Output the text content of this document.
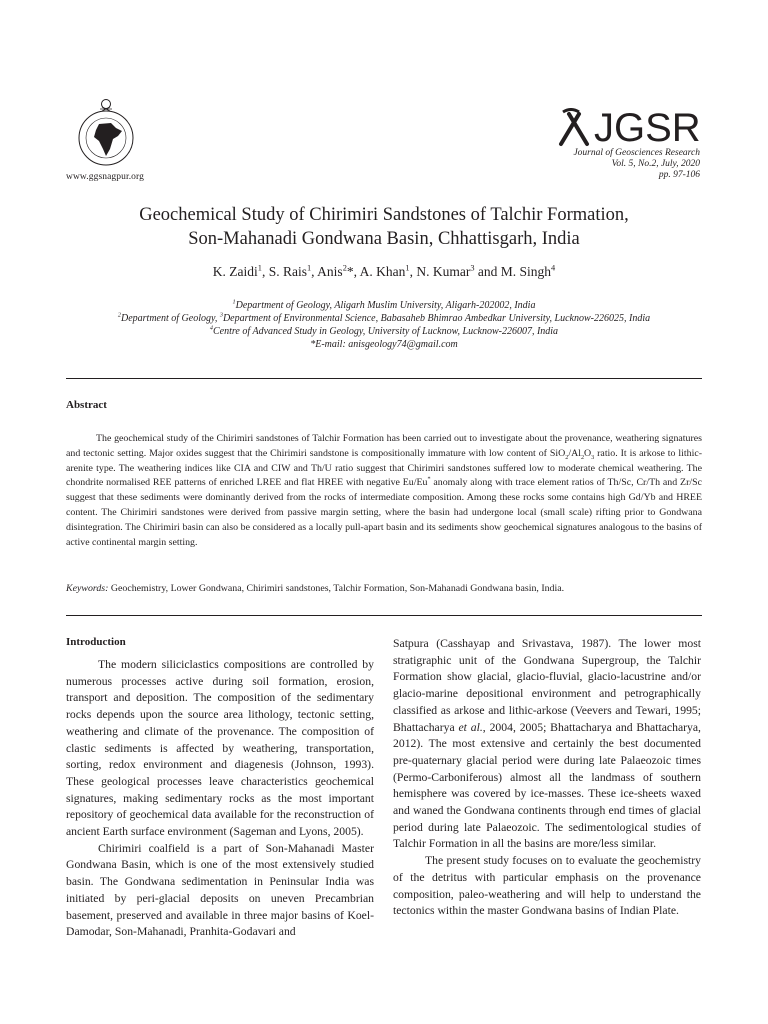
www.ggsnagpur.org
JGSR
Journal of Geosciences Research
Vol. 5, No.2, July, 2020
pp. 97-106
Geochemical Study of Chirimiri Sandstones of Talchir Formation,
Son-Mahanadi Gondwana Basin, Chhattisgarh, India
K. Zaidi$^1$, S. Rais$^1$, Anis$^2$*, A. Khan$^1$, N. Kumar$^3$ and M. Singh$^4$
$^1$Department of Geology, Aligarh Muslim University, Aligarh-202002, India
$^2$Department of Geology, $^3$Department of Environmental Science, Babasaheb Bhimrao Ambedkar University, Lucknow-226025, India
$^4$Centre of Advanced Study in Geology, University of Lucknow, Lucknow-226007, India
*E-mail: anisgeology74@gmail.com
Abstract

The geochemical study of the Chirimiri sandstones of Talchir Formation has been carried out to investigate about the provenance, weathering signatures and tectonic setting. Major oxides suggest that the Chirimiri sandstone is compositionally immature with low content of $SiO_2/Al_2O_3$ ratio. It is arkose to lithic-arenite type. The weathering indices like CIA and CIW and Th/U ratio suggest that Chirimiri sandstones suffered low to moderate chemical weathering. The chondrite normalised REE patterns of enriched LREE and flat HREE with negative Eu/Eu* anomaly along with trace element ratios of Th/Sc, Cr/Th and Zr/Sc suggest that these sediments were dominantly derived from the rocks of intermediate composition. Among these rocks some contains high Gd/Yb and HREE content. The Chirimiri sandstones were derived from passive margin setting, where the basin had undergone local (small scale) rifting prior to Gondwana disintegration. The Chirimiri basin can also be considered as a locally pull-apart basin and its sediments show geochemical signatures analogous to the basins of active continental margin setting.

Keywords: Geochemistry, Lower Gondwana, Chirimiri sandstones, Talchir Formation, Son-Mahanadi Gondwana basin, India.
Introduction

The modern siliciclastics compositions are controlled by numerous processes active during soil formation, erosion, transport and deposition. The composition of the sedimentary rocks depends upon the source area lithology, tectonic setting, weathering and climate of the provenance. The composition of clastic sediments is affected by weathering, transportation, sorting, redox environment and diagenesis (Johnson, 1993). These geological processes leave characteristics geochemical signatures, making sedimentary rocks as the most important repository of geochemical data available for the reconstruction of ancient Earth surface environment (Sageman and Lyons, 2005).

Chirimiri coalfield is a part of Son-Mahanadi Master Gondwana Basin, which is one of the most extensively studied basin. The Gondwana sedimentation in Peninsular India was initiated by peri-glacial deposits on uneven Precambrian basement, preserved and available in three major basins of Koel-Damodar, Son-Mahanadi, Pranhita-Godavari and

Satpura (Casshayap and Srivastava, 1987). The lower most stratigraphic unit of the Gondwana Supergroup, the Talchir Formation show glacial, glacio-fluvial, glacio-lacustrine and/or glacio-marine depositional environment and petrographically classified as arkose and lithic-arkose (Veevers and Tewari, 1995; Bhattacharya et al., 2004, 2005; Bhattacharya and Bhattacharya, 2012). The most extensive and certainly the best documented pre-quaternary glacial period were during late Palaeozoic times (Permo-Carboniferous) almost all the landmass of southern hemisphere was covered by ice-masses. These ice-sheets waxed and waned the Gondwana continents through end times of glacial period during late Palaeozoic. The sedimentological studies of Talchir Formation in all the basins are more/less similar.

The present study focuses on to evaluate the geochemistry of the detritus with particular emphasis on the provenance composition, paleo-weathering and will help to understand the tectonics within the master Gondwana basins of Indian Plate.
